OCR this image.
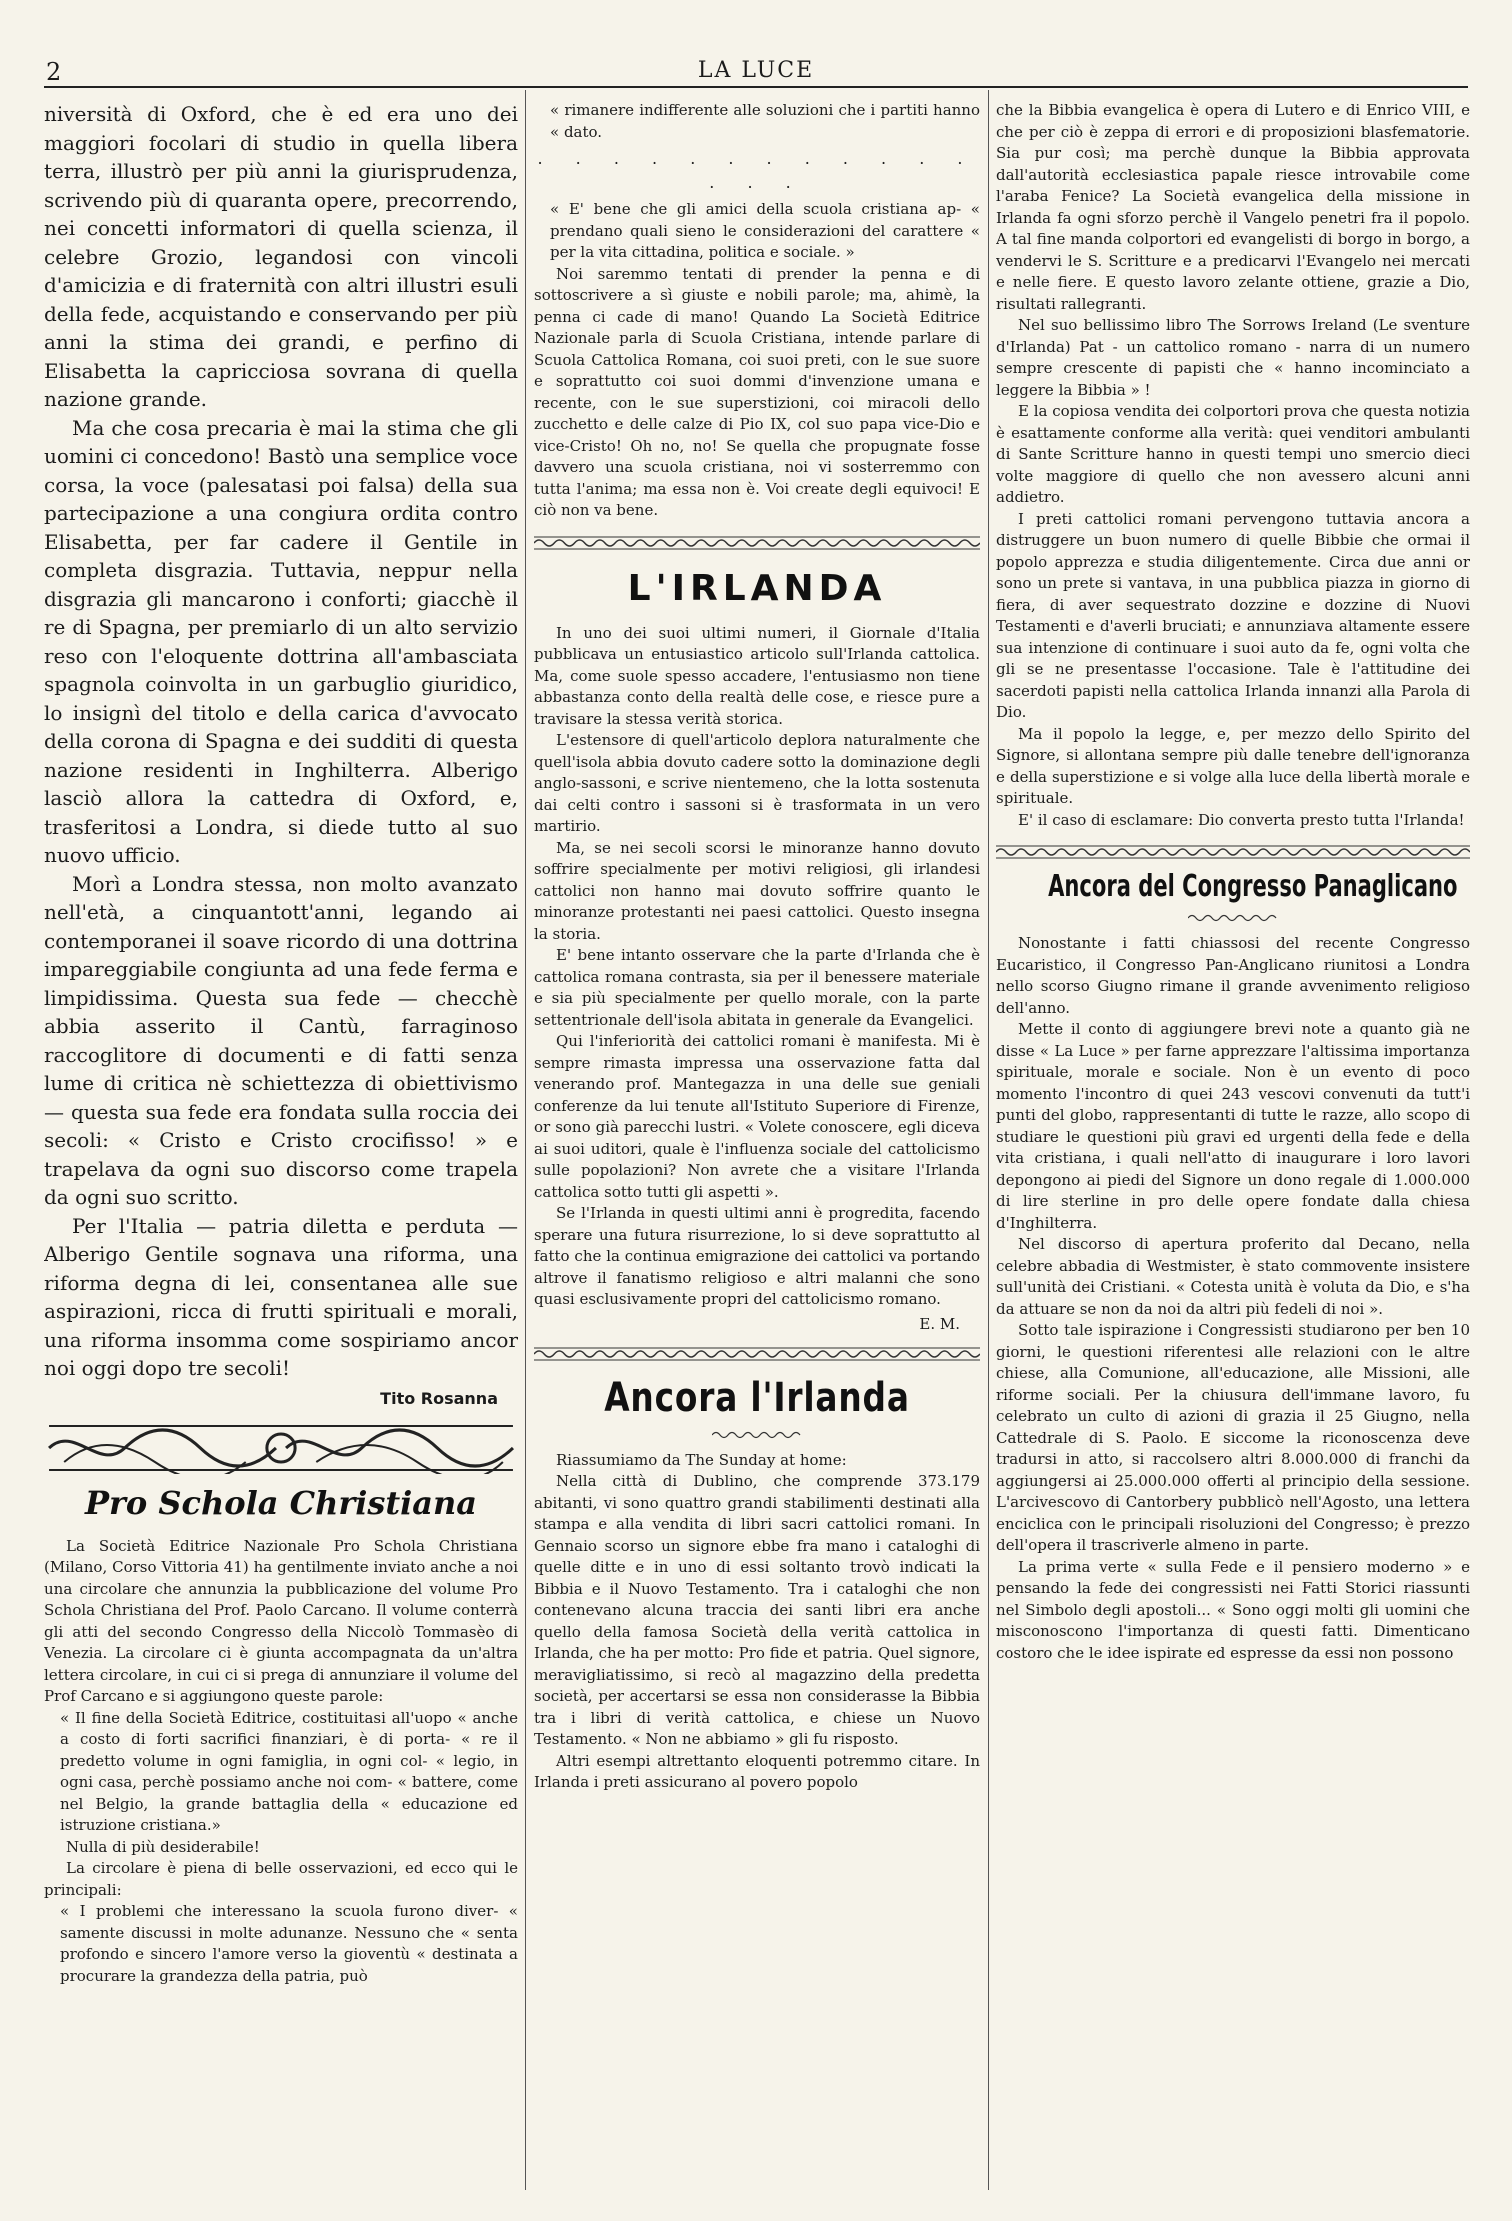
2	LA LUCE

niversità di Oxford, che è ed era uno dei maggiori focolari di studio in quella libera terra, illustrò per più anni la giurisprudenza, scrivendo più di quaranta opere, precorrendo, nei concetti informatori di quella scienza, il celebre Grozio, legandosi con vincoli d'amicizia e di fraternità con altri illustri esuli della fede, acquistando e conservando per più anni la stima dei grandi, e perfino di Elisabetta la capricciosa sovrana di quella nazione grande.

Ma che cosa precaria è mai la stima che gli uomini ci concedono! Bastò una semplice voce corsa, la voce (palesatasi poi falsa) della sua partecipazione a una congiura ordita contro Elisabetta, per far cadere il Gentile in completa disgrazia. Tuttavia, neppur nella disgrazia gli mancarono i conforti; giacchè il re di Spagna, per premiarlo di un alto servizio reso con l'eloquente dottrina all'ambasciata spagnola coinvolta in un garbuglio giuridico, lo insignì del titolo e della carica d'avvocato della corona di Spagna e dei sudditi di questa nazione residenti in Inghilterra. Alberigo lasciò allora la cattedra di Oxford, e, trasferitosi a Londra, si diede tutto al suo nuovo ufficio.

Morì a Londra stessa, non molto avanzato nell'età, a cinquantott'anni, legando ai contemporanei il soave ricordo di una dottrina impareggiabile congiunta ad una fede ferma e limpidissima. Questa sua fede — checchè abbia asserito il Cantù, farraginoso raccoglitore di documenti e di fatti senza lume di critica nè schiettezza di obiettivismo — questa sua fede era fondata sulla roccia dei secoli: « Cristo e Cristo crocifisso! » e trapelava da ogni suo discorso come trapela da ogni suo scritto.

Per l'Italia — patria diletta e perduta — Alberigo Gentile sognava una riforma, una riforma degna di lei, consentanea alle sue aspirazioni, ricca di frutti spirituali e morali, una riforma insomma come sospiriamo ancor noi oggi dopo tre secoli!

Tito Rosanna
Pro Schola Christiana

La Società Editrice Nazionale Pro Schola Christiana (Milano, Corso Vittoria 41) ha gentilmente inviato anche a noi una circolare che annunzia la pubblicazione del volume Pro Schola Christiana del Prof. Paolo Carcano. Il volume conterrà gli atti del secondo Congresso della Niccolò Tommasèo di Venezia. La circolare ci è giunta accompagnata da un'altra lettera circolare, in cui ci si prega di annunziare il volume del Prof Carcano e si aggiungono queste parole:

« Il fine della Società Editrice, costituitasi all'uopo « anche a costo di forti sacrifici finanziari, è di porta- « re il predetto volume in ogni famiglia, in ogni col- « legio, in ogni casa, perchè possiamo anche noi com- « battere, come nel Belgio, la grande battaglia della « educazione ed istruzione cristiana.»

Nulla di più desiderabile!

La circolare è piena di belle osservazioni, ed ecco qui le principali:

« I problemi che interessano la scuola furono diver- « samente discussi in molte adunanze. Nessuno che « senta profondo e sincero l'amore verso la gioventù « destinata a procurare la grandezza della patria, può

« rimanere indifferente alle soluzioni che i partiti hanno « dato.

. . . . . . . . . . . . . . .

« E' bene che gli amici della scuola cristiana ap- « prendano quali sieno le considerazioni del carattere « per la vita cittadina, politica e sociale. »

Noi saremmo tentati di prender la penna e di sottoscrivere a sì giuste e nobili parole; ma, ahimè, la penna ci cade di mano! Quando La Società Editrice Nazionale parla di Scuola Cristiana, intende parlare di Scuola Cattolica Romana, coi suoi preti, con le sue suore e soprattutto coi suoi dommi d'invenzione umana e recente, con le sue superstizioni, coi miracoli dello zucchetto e delle calze di Pio IX, col suo papa vice-Dio e vice-Cristo! Oh no, no! Se quella che propugnate fosse davvero una scuola cristiana, noi vi sosterremmo con tutta l'anima; ma essa non è. Voi create degli equivoci! E ciò non va bene.

L'IRLANDA

In uno dei suoi ultimi numeri, il Giornale d'Italia pubblicava un entusiastico articolo sull'Irlanda cattolica. Ma, come suole spesso accadere, l'entusiasmo non tiene abbastanza conto della realtà delle cose, e riesce pure a travisare la stessa verità storica.

L'estensore di quell'articolo deplora naturalmente che quell'isola abbia dovuto cadere sotto la dominazione degli anglo-sassoni, e scrive nientemeno, che la lotta sostenuta dai celti contro i sassoni si è trasformata in un vero martirio.

Ma, se nei secoli scorsi le minoranze hanno dovuto soffrire specialmente per motivi religiosi, gli irlandesi cattolici non hanno mai dovuto soffrire quanto le minoranze protestanti nei paesi cattolici. Questo insegna la storia.

E' bene intanto osservare che la parte d'Irlanda che è cattolica romana contrasta, sia per il benessere materiale e sia più specialmente per quello morale, con la parte settentrionale dell'isola abitata in generale da Evangelici.

Qui l'inferiorità dei cattolici romani è manifesta. Mi è sempre rimasta impressa una osservazione fatta dal venerando prof. Mantegazza in una delle sue geniali conferenze da lui tenute all'Istituto Superiore di Firenze, or sono già parecchi lustri. « Volete conoscere, egli diceva ai suoi uditori, quale è l'influenza sociale del cattolicismo sulle popolazioni? Non avrete che a visitare l'Irlanda cattolica sotto tutti gli aspetti ».

Se l'Irlanda in questi ultimi anni è progredita, facendo sperare una futura risurrezione, lo si deve soprattutto al fatto che la continua emigrazione dei cattolici va portando altrove il fanatismo religioso e altri malanni che sono quasi esclusivamente propri del cattolicismo romano.

E. M.
Ancora l'Irlanda

Riassumiamo da The Sunday at home:

Nella città di Dublino, che comprende 373.179 abitanti, vi sono quattro grandi stabilimenti destinati alla stampa e alla vendita di libri sacri cattolici romani. In Gennaio scorso un signore ebbe fra mano i cataloghi di quelle ditte e in uno di essi soltanto trovò indicati la Bibbia e il Nuovo Testamento. Tra i cataloghi che non contenevano alcuna traccia dei santi libri era anche quello della famosa Società della verità cattolica in Irlanda, che ha per motto: Pro fide et patria. Quel signore, meravigliatissimo, si recò al magazzino della predetta società, per accertarsi se essa non considerasse la Bibbia tra i libri di verità cattolica, e chiese un Nuovo Testamento. « Non ne abbiamo » gli fu risposto.

Altri esempi altrettanto eloquenti potremmo citare. In Irlanda i preti assicurano al povero popolo

che la Bibbia evangelica è opera di Lutero e di Enrico VIII, e che per ciò è zeppa di errori e di proposizioni blasfematorie. Sia pur così; ma perchè dunque la Bibbia approvata dall'autorità ecclesiastica papale riesce introvabile come l'araba Fenice? La Società evangelica della missione in Irlanda fa ogni sforzo perchè il Vangelo penetri fra il popolo. A tal fine manda colportori ed evangelisti di borgo in borgo, a vendervi le S. Scritture e a predicarvi l'Evangelo nei mercati e nelle fiere. E questo lavoro zelante ottiene, grazie a Dio, risultati rallegranti.

Nel suo bellissimo libro The Sorrows Ireland (Le sventure d'Irlanda) Pat - un cattolico romano - narra di un numero sempre crescente di papisti che « hanno incominciato a leggere la Bibbia » !

E la copiosa vendita dei colportori prova che questa notizia è esattamente conforme alla verità: quei venditori ambulanti di Sante Scritture hanno in questi tempi uno smercio dieci volte maggiore di quello che non avessero alcuni anni addietro.

I preti cattolici romani pervengono tuttavia ancora a distruggere un buon numero di quelle Bibbie che ormai il popolo apprezza e studia diligentemente. Circa due anni or sono un prete si vantava, in una pubblica piazza in giorno di fiera, di aver sequestrato dozzine e dozzine di Nuovi Testamenti e d'averli bruciati; e annunziava altamente essere sua intenzione di continuare i suoi auto da fe, ogni volta che gli se ne presentasse l'occasione. Tale è l'attitudine dei sacerdoti papisti nella cattolica Irlanda innanzi alla Parola di Dio.

Ma il popolo la legge, e, per mezzo dello Spirito del Signore, si allontana sempre più dalle tenebre dell'ignoranza e della superstizione e si volge alla luce della libertà morale e spirituale.

E' il caso di esclamare: Dio converta presto tutta l'Irlanda!

Ancora del Congresso Panaglicano

Nonostante i fatti chiassosi del recente Congresso Eucaristico, il Congresso Pan-Anglicano riunitosi a Londra nello scorso Giugno rimane il grande avvenimento religioso dell'anno.

Mette il conto di aggiungere brevi note a quanto già ne disse « La Luce » per farne apprezzare l'altissima importanza spirituale, morale e sociale. Non è un evento di poco momento l'incontro di quei 243 vescovi convenuti da tutt'i punti del globo, rappresentanti di tutte le razze, allo scopo di studiare le questioni più gravi ed urgenti della fede e della vita cristiana, i quali nell'atto di inaugurare i loro lavori depongono ai piedi del Signore un dono regale di 1.000.000 di lire sterline in pro delle opere fondate dalla chiesa d'Inghilterra.

Nel discorso di apertura proferito dal Decano, nella celebre abbadia di Westmister, è stato commovente insistere sull'unità dei Cristiani. « Cotesta unità è voluta da Dio, e s'ha da attuare se non da noi da altri più fedeli di noi ».

Sotto tale ispirazione i Congressisti studiarono per ben 10 giorni, le questioni riferentesi alle relazioni con le altre chiese, alla Comunione, all'educazione, alle Missioni, alle riforme sociali. Per la chiusura dell'immane lavoro, fu celebrato un culto di azioni di grazia il 25 Giugno, nella Cattedrale di S. Paolo. E siccome la riconoscenza deve tradursi in atto, si raccolsero altri 8.000.000 di franchi da aggiungersi ai 25.000.000 offerti al principio della sessione. L'arcivescovo di Cantorbery pubblicò nell'Agosto, una lettera enciclica con le principali risoluzioni del Congresso; è prezzo dell'opera il trascriverle almeno in parte.

La prima verte « sulla Fede e il pensiero moderno » e pensando la fede dei congressisti nei Fatti Storici riassunti nel Simbolo degli apostoli... « Sono oggi molti gli uomini che misconoscono l'importanza di questi fatti. Dimenticano costoro che le idee ispirate ed espresse da essi non possono
